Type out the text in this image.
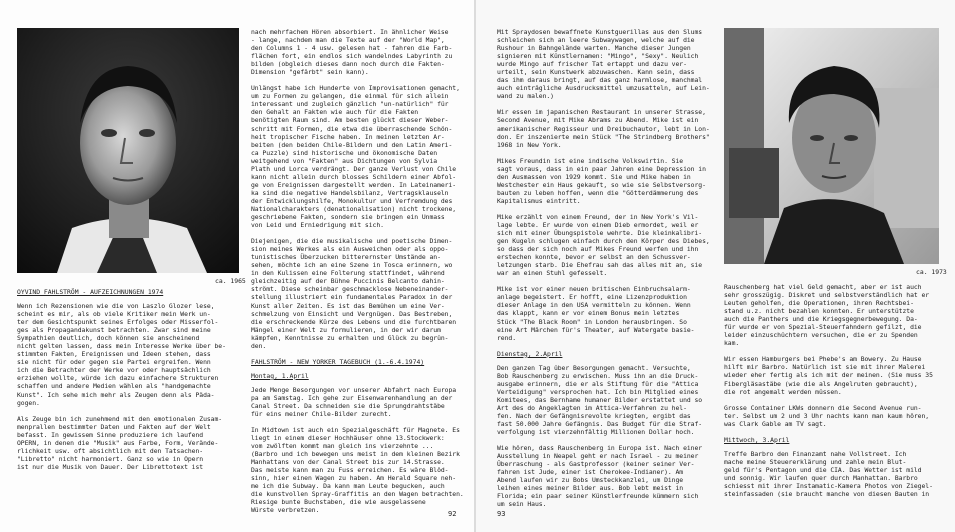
ca. 1965

OYVIND FAHLSTRÖM - AUFZEICHNUNGEN 1974

Wenn ich Rezensionen wie die von Laszlo Glozer lese,
scheint es mir, als ob viele Kritiker mein Werk un-
ter dem Gesichtspunkt seines Erfolges oder Misserfol-
ges als Propagandakunst betrachten. Zwar sind meine
Sympathien deutlich, doch können sie anscheinend
nicht gelten lassen, dass mein Interesse Werke über be-
stimmten Fakten, Ereignissen und Ideen stehen, dass
sie nicht für oder gegen sie Partei ergreifen. Wenn
ich die Betrachter der Werke vor oder hauptsächlich
erziehen wollte, würde ich dazu einfachere Strukturen
schaffen und andere Medien wählen als "handgemachte
Kunst". Ich sehe mich mehr als Zeugen denn als Päda-
gogen.

Als Zeuge bin ich zunehmend mit den emotionalen Zusam-
menprallen bestimmter Daten und Fakten auf der Welt
befasst. In gewissem Sinne produziere ich laufend
OPERN, in denen die "Musik" aus Farbe, Form, Verände-
rlichkeit usw. oft absichtlich mit den Tatsachen-
"Libretto" nicht harmoniert. Ganz so wie in Opern
ist nur die Musik von Dauer. Der Librettotext ist

nach mehrfachem Hören absorbiert. In ähnlicher Weise
- lange, nachdem man die Texte auf der "World Map",
den Columns 1 - 4 usw. gelesen hat - fahren die Farb-
flächen fort, ein endlos sich wandelndes Labyrinth zu
bilden (obgleich dieses dann noch durch die Fakten-
Dimension "gefärbt" sein kann).

Unlängst habe ich Hunderte von Improvisationen gemacht,
um zu Formen zu gelangen, die einmal für sich allein
interessant und zugleich gänzlich "un-natürlich" für
den Gehalt an Fakten wie auch für die Fakten
benötigten Raum sind. Am besten glückt dieser Weber-
schritt mit Formen, die etwa die überraschende Schön-
heit tropischer Fische haben. In meinen letzten Ar-
beiten (den beiden Chile-Bildern und den Latin Ameri-
ca Puzzle) sind historische und ökonomische Daten
weitgehend von "Fakten" aus Dichtungen von Sylvia
Plath und Lorca verdrängt. Der ganze Verlust von Chile
kann nicht allein durch blosses Schildern einer Abfol-
ge von Ereignissen dargestellt werden. In Lateinameri-
ka sind die negative Handelsbilanz, Vertragsklauseln
der Entwicklungshilfe, Monokultur und Verfremdung des
Nationalcharakters (denationalisation) nicht trockene,
geschriebene Fakten, sondern sie bringen ein Unmass
von Leid und Erniedrigung mit sich.

Diejenigen, die die musikalische und poetische Dimen-
sion meines Werkes als ein Ausweichen oder als oppo-
tunistisches Überzucken bitterernster Umstände an-
sehen, möchte ich an eine Szene in Tosca erinnern, wo
in den Kulissen eine Folterung stattfindet, während
gleichzeitig auf der Bühne Puccinis Belcanto dahin-
strömt. Diese scheinbar geschmacklose Nebeneinander-
stellung illustriert ein fundamentales Paradox in der
Kunst aller Zeiten. Es ist das Bemühen um eine Ver-
schmelzung von Einsicht und Vergnügen. Das Bestreben,
die erschreckende Kürze des Lebens und die furchtbaren
Mängel einer Welt zu formulieren, in der wir darum
kämpfen, Kenntnisse zu erhalten und Glück zu begrün-
den.

FAHLSTRÖM - NEW YORKER TAGEBUCH (1.-6.4.1974)

Montag, 1.April

Jede Menge Besorgungen vor unserer Abfahrt nach Europa
pa am Samstag. Ich gehe zur Eisenwarenhandlung an der
Canal Street. Da schneiden sie die Sprungdrahtstäbe
für eins meiner Chile-Bilder zurecht.

In Midtown ist auch ein Spezialgeschäft für Magnete. Es
liegt in einem dieser Hochhäuser ohne 13.Stockwerk:
vom zwölften kommt man gleich ins vierzehnte ...
(Barbro und ich bewegen uns meist in dem kleinen Bezirk
Manhattans von der Canal Street bis zur 14.Strasse.
Das meiste kann man zu Fuss erreichen. Es wäre Blöd-
sinn, hier einen Wagen zu haben. Am Herald Square neh-
me ich die Subway. Da kann man Leute begucken, auch
die kunstvollen Spray-Graffitis an den Wagen betrachten.
Riesige bunte Buchstaben, die wie ausgelassene
Würste verbretzen.	92

Mit Spraydosen bewaffnete Kunstguerillas aus den Slums
schleichen sich an leere Subwaywagen, welche auf die
Rushour in Bahngelände warten. Manche dieser Jungen
signieren mit Künstlernamen: "Mingo", "Sexy". Neulich
wurde Mingo auf frischer Tat ertappt und dazu ver-
urteilt, sein Kunstwerk abzuwaschen. Kann sein, dass
das ihm daraus bringt, auf das ganz harmlose, manchmal
auch einträgliche Ausdrucksmittel umzusatteln, auf Lein-
wand zu malen.)

Wir essen im japanischen Restaurant in unserer Strasse,
Second Avenue, mit Mike Abrams zu Abend. Mike ist ein
amerikanischer Regisseur und Dreibuchautor, lebt in Lon-
don. Er inszenierte mein Stück "The Strindberg Brothers"
1968 in New York.

Mikes Freundin ist eine indische Volkswirtin. Sie
sagt voraus, dass in ein paar Jahren eine Depression in
den Ausmassen von 1929 kommt. Sie und Mike haben in
Westchester ein Haus gekauft, so wie sie Selbstversorg-
bauten zu leben hoffen, wenn die "Götterdämmerung des
Kapitalismus eintritt.

Mike erzählt von einem Freund, der in New York's Vil-
lage lebte. Er wurde von einem Dieb ermordet, weil er
sich mit einer Übungspistole wehrte. Die kleinkalibri-
gen Kugeln schlugen einfach durch den Körper des Diebes,
so dass der sich noch auf Mikes Freund werfen und ihn
erstechen konnte, bevor er selbst an den Schussver-
letzungen starb. Die Ehefrau sah das alles mit an, sie
war an einen Stuhl gefesselt.

Mike ist vor einer neuen britischen Einbruchsalarm-
anlage begeistert. Er hofft, eine Lizenzproduktion
dieser Anlage in den USA vermitteln zu können. Wenn
das klappt, kann er vor einem Bonus mein letztes
Stück "The Black Room" in London herausbringen. So
eine Art Märchen für's Theater, auf Watergate basie-
rend.

Dienstag, 2.April

Den ganzen Tag über Besorgungen gemacht. Versuchte,
Bob Rauschenberg zu erwischen. Muss ihn an die Druck-
ausgabe erinnern, die er als Stiftung für die "Attica
Verteidigung" versprochen hat. Ich bin Mitglied eines
Komitees, das Bernhame humaner Bilder erstattet und so
Art des do Angeklagten im Attica-Verfahren zu hel-
fen. Nach der Gefängnisrevolte kriegten, ergibt das
fast 50.000 Jahre Gefängnis. Das Budget für die Straf-
verfolgung ist vierzehnfältig Millionen Dollar hoch.

Wie hören, dass Rauschenberg in Europa ist. Nach einer
Ausstellung in Neapel geht er nach Israel - zu meiner
Überraschung - als Gastprofessor (keiner seiner Ver-
fahren ist Jude, einer ist Cherokee-Indianer). Am
Abend laufen wir zu Bobs Umsteckkanzlei, um Dinge
leihen eines meiner Bilder aus. Bob lebt meist in
Florida; ein paar seiner Künstlerfreunde kümmern sich
um sein Haus.

ca. 1973

Rauschenberg hat viel Geld gemacht, aber er ist auch
sehr grosszügig. Diskret und selbstverständlich hat er
Leuten geholfen, die Operationen, ihren Rechtsbei-
stand u.z. nicht bezahlen konnten. Er unterstützte
auch die Panthers und die Kriegsgegnerbewegung. Da-
für wurde er von Spezial-Steuerfahndern gefilzt, die
leider einzuschüchtern versuchen, die er zu Spenden
kam.

Wir essen Hamburgers bei Phebe's am Bowery. Zu Hause
hilft mir Barbro. Natürlich ist sie mit ihrer Malerei
wieder eher fertig als ich mit der meinen. (Sie muss 35
Fibergläsastäbe (wie die als Angelruten gebraucht),
die rot angemalt werden müssen.

Grosse Container LKWs donnern die Second Avenue run-
ter. Selbst um 2 und 3 Uhr nachts kann man kaum hören,
was Clark Gable am TV sagt.

Mittwoch, 3.April

Treffe Barbro den Finanzamt nahe Vollstreet. Ich
mache meine Steuererklärung und zahle mein Blut-
geld für's Pentagon und die CIA. Das Wetter ist mild
und sonnig. Wir laufen quer durch Manhattan. Barbro
schiesst mit ihrer Instamatic-Kamera Photos von Ziegel-
steinfassaden (sie braucht manche von diesen Bauten in

93
